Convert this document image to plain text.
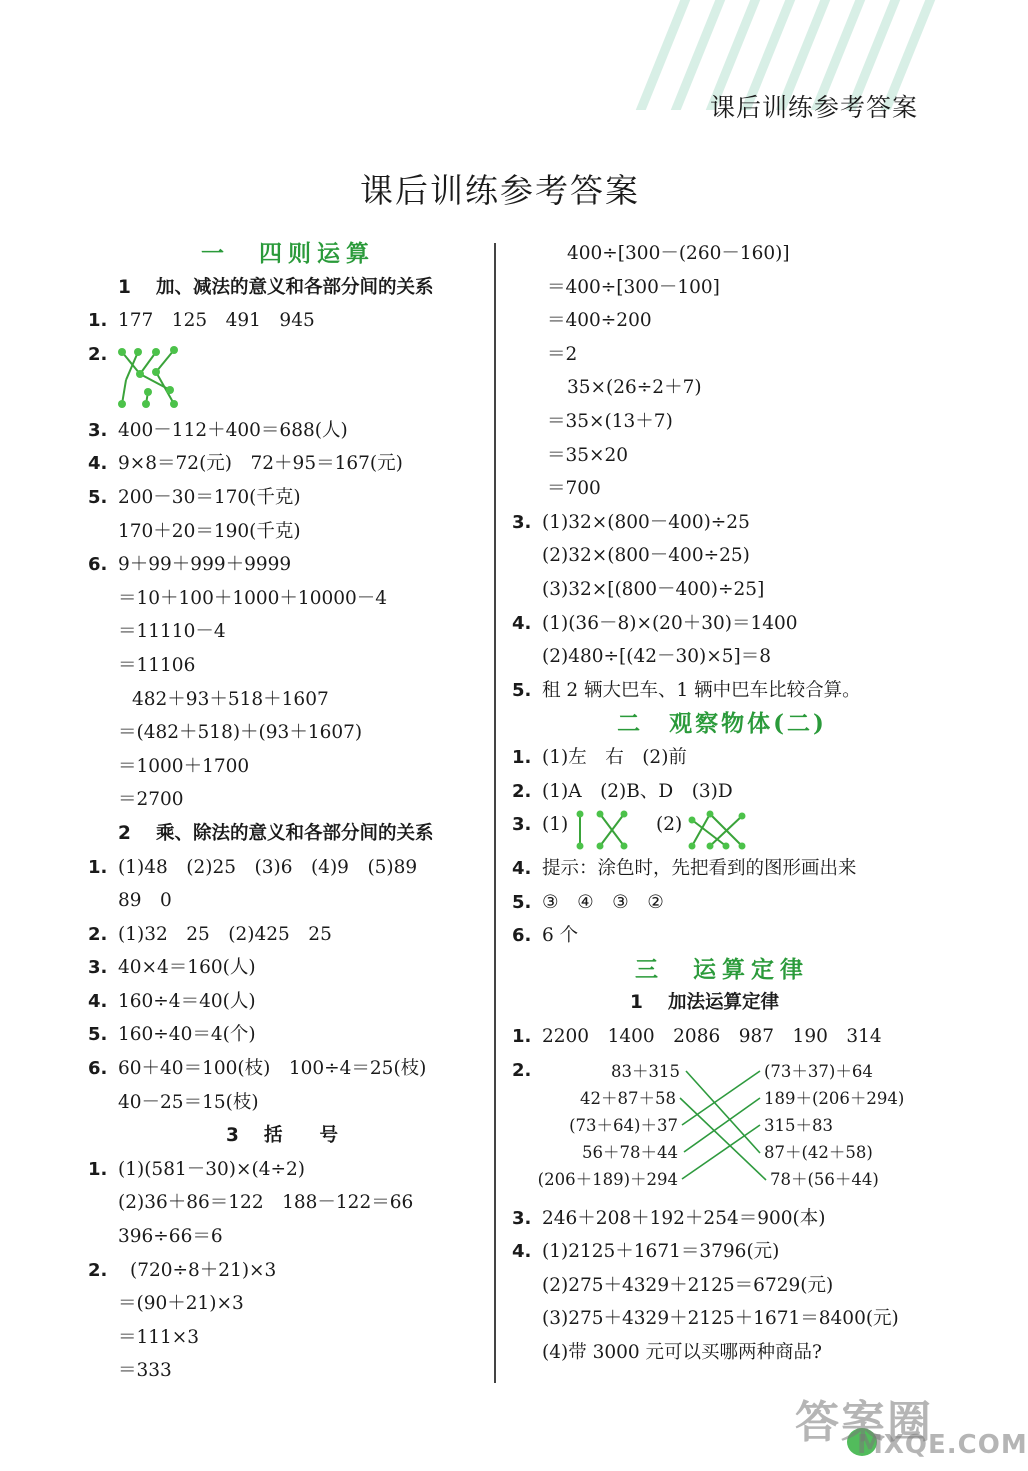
课后训练参考答案
课后训练参考答案
一　四则运算
1 加、减法的意义和各部分间的关系
1. 177　125　491　945
2.
3. 400－112＋400＝688(人)
4. 9×8＝72(元)　72＋95＝167(元)
5. 200－30＝170(千克)
170＋20＝190(千克)
6. 9＋99＋999＋9999
＝10＋100＋1000＋10000－4
＝11110－4
＝11106
482＋93＋518＋1607
＝(482＋518)＋(93＋1607)
＝1000＋1700
＝2700
2 乘、除法的意义和各部分间的关系
1. (1)48　(2)25　(3)6　(4)9　(5)89
89　0
2. (1)32　25　(2)425　25
3. 40×4＝160(人)
4. 160÷4＝40(人)
5. 160÷40＝4(个)
6. 60＋40＝100(枝)　100÷4＝25(枝)
40－25＝15(枝)
3 括　　号
1. (1)(581－30)×(4÷2)
(2)36＋86＝122　188－122＝66
396÷66＝6
2. (720÷8＋21)×3
＝(90＋21)×3
＝111×3
＝333
400÷[300－(260－160)]
＝400÷[300－100]
＝400÷200
＝2
35×(26÷2＋7)
＝35×(13＋7)
＝35×20
＝700
3. (1)32×(800－400)÷25
(2)32×(800－400÷25)
(3)32×[(800－400)÷25]
4. (1)(36－8)×(20＋30)＝1400
(2)480÷[(42－30)×5]＝8
5. 租 2 辆大巴车、1 辆中巴车比较合算。
二　观察物体(二)
1. (1)左　右　(2)前
2. (1)A　(2)B、D　(3)D
3. (1)	(2)
4. 提示：涂色时，先把看到的图形画出来
5. ③　④　③　②
6. 6 个
三　运算定律
1 加法运算定律
1. 2200　1400　2086　987　190　314
2.	83＋315
42＋87＋58
(73＋64)＋37
56＋78＋44
(206＋189)＋294
(73＋37)＋64
189＋(206＋294)
315＋83
87＋(42＋58)
78＋(56＋44)
3. 246＋208＋192＋254＝900(本)
4. (1)2125＋1671＝3796(元)
(2)275＋4329＋2125＝6729(元)
(3)275＋4329＋2125＋1671＝8400(元)
(4)带 3000 元可以买哪两种商品?
答案圈
MXQE.COM
